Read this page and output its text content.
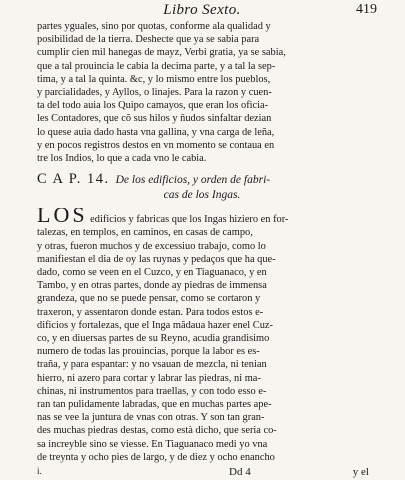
Libro Sexto.	419
partes yguales, sino por quotas, conforme ala qualidad y
posibilidad de la tierra. Deshecte que ya se sabia para
cumplir cien mil hanegas de mayz, Verbi gratia, ya se sabia,
que a tal prouincia le cabia la decima parte, y a tal la sep-
tima, y a tal la quinta. &c, y lo mismo entre los pueblos,
y parcialidades, y Ayllos, o linajes. Para la razon y cuen-
ta del todo auia los Quipo camayos, que eran los oficia-
les Contadores, que cõ sus hilos y ñudos sinfaltar dezian
lo quese auia dado hasta vna gallina, y vna carga de leña,
y en pocos registros destos en vn momento se contaua en
tre los Indios, lo que a cada vno le cabia.
C A P. 14. De los edificios, y orden de fabri-
cas de los Ingas.
LOS edificios y fabricas que los Ingas hiziero en for-
talezas, en templos, en caminos, en casas de campo,
y otras, fueron muchos y de excessiuo trabajo, como lo
manifiestan el dia de oy las ruynas y pedaços que ha que-
dado, como se veen en el Cuzco, y en Tiaguanaco, y en
Tambo, y en otras partes, donde ay piedras de immensa
grandeza, que no se puede pensar, como se cortaron y
traxeron, y assentaron donde estan. Para todos estos e-
dificios y fortalezas, que el Inga mãdaua hazer enel Cuz-
co, y en diuersas partes de su Reyno, acudia grandisimo
numero de todas las prouincias, porque la labor es es-
traña, y para espantar: y no vsauan de mezcla, ni tenian
hierro, ni azero para cortar y labrar las piedras, ni ma-
chinas, ni instrumentos para traellas, y con todo esso e-
ran tan pulidamente labradas, que en muchas partes ape-
nas se vee la juntura de vnas con otras. Y son tan gran-
des muchas piedras destas, como està dicho, que seria co-
sa increyble sino se viesse. En Tiaguanaco medi yo vna
de treynta y ocho pies de largo, y de diez y ocho enancho
i.	Dd 4	y el
